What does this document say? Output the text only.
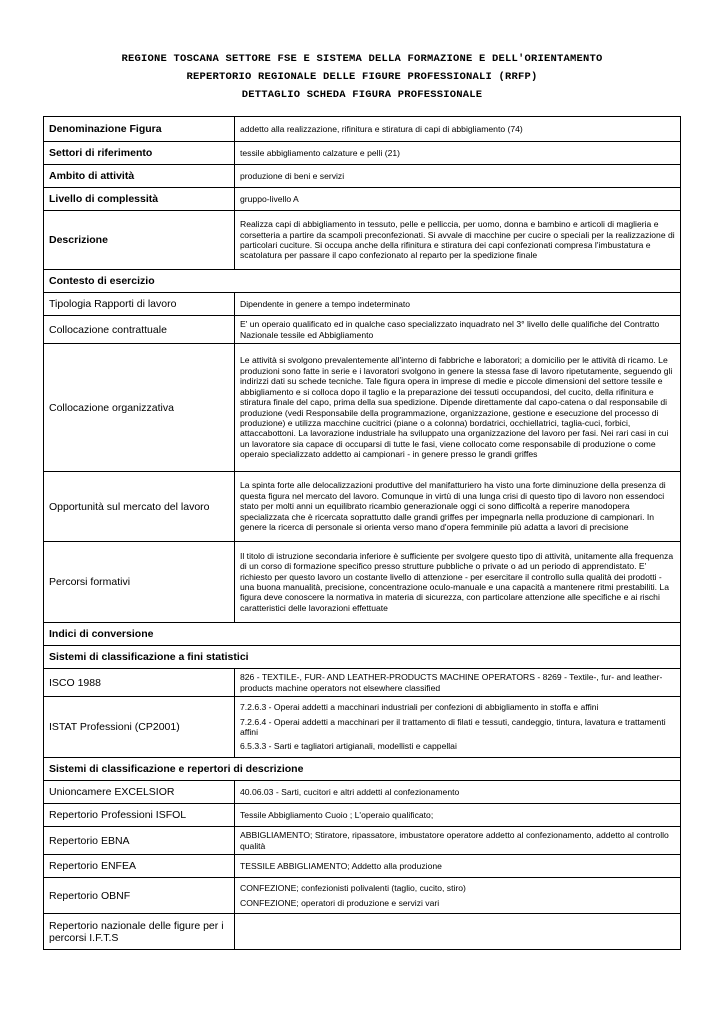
REGIONE TOSCANA SETTORE FSE E SISTEMA DELLA FORMAZIONE E DELL'ORIENTAMENTO
REPERTORIO REGIONALE DELLE FIGURE PROFESSIONALI (RRFP)
DETTAGLIO SCHEDA FIGURA PROFESSIONALE
Denominazione Figura	addetto alla realizzazione, rifinitura e stiratura di capi di abbigliamento (74)
Settori di riferimento	tessile abbigliamento calzature e pelli (21)
Ambito di attività	produzione di beni e servizi
Livello di complessità	gruppo-livello A
Descrizione	Realizza capi di abbigliamento in tessuto, pelle e pelliccia, per uomo, donna e bambino e articoli di maglieria e corsetteria a partire da scampoli preconfezionati. Si avvale di macchine per cucire o speciali per la realizzazione di particolari cuciture. Si occupa anche della rifinitura e stiratura dei capi confezionati compresa l'imbustatura e scatolatura per passare il capo confezionato al reparto per la spedizione finale
Contesto di esercizio	
Tipologia Rapporti di lavoro	Dipendente in genere a tempo indeterminato
Collocazione contrattuale	E' un operaio qualificato ed in qualche caso specializzato inquadrato nel 3° livello delle qualifiche del Contratto Nazionale tessile ed Abbigliamento
Collocazione organizzativa	Le attività si svolgono prevalentemente all'interno di fabbriche e laboratori; a domicilio per le attività di ricamo. Le produzioni sono fatte in serie e i lavoratori svolgono in genere la stessa fase di lavoro ripetutamente, seguendo gli indirizzi dati su schede tecniche. Tale figura opera in imprese di medie e piccole dimensioni del settore tessile e abbigliamento e si colloca dopo il taglio e la preparazione dei tessuti occupandosi, del cucito, della rifinitura e stiratura finale del capo, prima della sua spedizione. Dipende direttamente dal capo-catena o dal responsabile di produzione (vedi Responsabile della programmazione, organizzazione, gestione e esecuzione del processo di produzione) e utilizza macchine cucitrici (piane o a colonna) bordatrici, occhiellatrici, taglia-cuci, forbici, attaccabottoni. La lavorazione industriale ha sviluppato una organizzazione del lavoro per fasi. Nei rari casi in cui un lavoratore sia capace di occuparsi di tutte le fasi, viene collocato come responsabile di produzione o come operaio specializzato addetto ai campionari - in genere presso le grandi griffes
Opportunità sul mercato del lavoro	La spinta forte alle delocalizzazioni produttive del manifatturiero ha visto una forte diminuzione della presenza di questa figura nel mercato del lavoro. Comunque in virtù di una lunga crisi di questo tipo di lavoro non essendoci stato per molti anni un equilibrato ricambio generazionale oggi ci sono difficoltà a reperire manodopera specializzata che è ricercata soprattutto dalle grandi griffes per impegnarla nella produzione di campionari. In genere la ricerca di personale si orienta verso mano d'opera femminile più adatta a lavori di precisione
Percorsi formativi	Il titolo di istruzione secondaria inferiore è sufficiente per svolgere questo tipo di attività, unitamente alla frequenza di un corso di formazione specifico presso strutture pubbliche o private o ad un periodo di apprendistato. E' richiesto per questo lavoro un costante livello di attenzione - per esercitare il controllo sulla qualità dei prodotti - una buona manualità, precisione, concentrazione oculo-manuale e una capacità a mantenere ritmi prestabiliti. La figura deve conoscere la normativa in materia di sicurezza, con particolare attenzione alle specifiche e ai rischi caratteristici delle lavorazioni effettuate
Indici di conversione	
Sistemi di classificazione a fini statistici	
ISCO 1988	826 - TEXTILE-, FUR- AND LEATHER-PRODUCTS MACHINE OPERATORS - 8269 - Textile-, fur- and leather-products machine operators not elsewhere classified
ISTAT Professioni (CP2001)	7.2.6.3 - Operai addetti a macchinari industriali per confezioni di abbigliamento in stoffa e affini

7.2.6.4 - Operai addetti a macchinari per il trattamento di filati e tessuti, candeggio, tintura, lavatura e trattamenti affini

6.5.3.3 - Sarti e tagliatori artigianali, modellisti e cappellai

Sistemi di classificazione e repertori di descrizione	
Unioncamere EXCELSIOR	40.06.03 - Sarti, cucitori e altri addetti al confezionamento
Repertorio Professioni ISFOL	Tessile Abbigliamento Cuoio ; L'operaio qualificato;
Repertorio EBNA	ABBIGLIAMENTO; Stiratore, ripassatore, imbustatore operatore addetto al confezionamento, addetto al controllo qualità
Repertorio ENFEA	TESSILE ABBIGLIAMENTO; Addetto alla produzione
Repertorio OBNF	CONFEZIONE; confezionisti polivalenti (taglio, cucito, stiro)

CONFEZIONE; operatori di produzione e servizi vari

Repertorio nazionale delle figure per i percorsi I.F.T.S	
